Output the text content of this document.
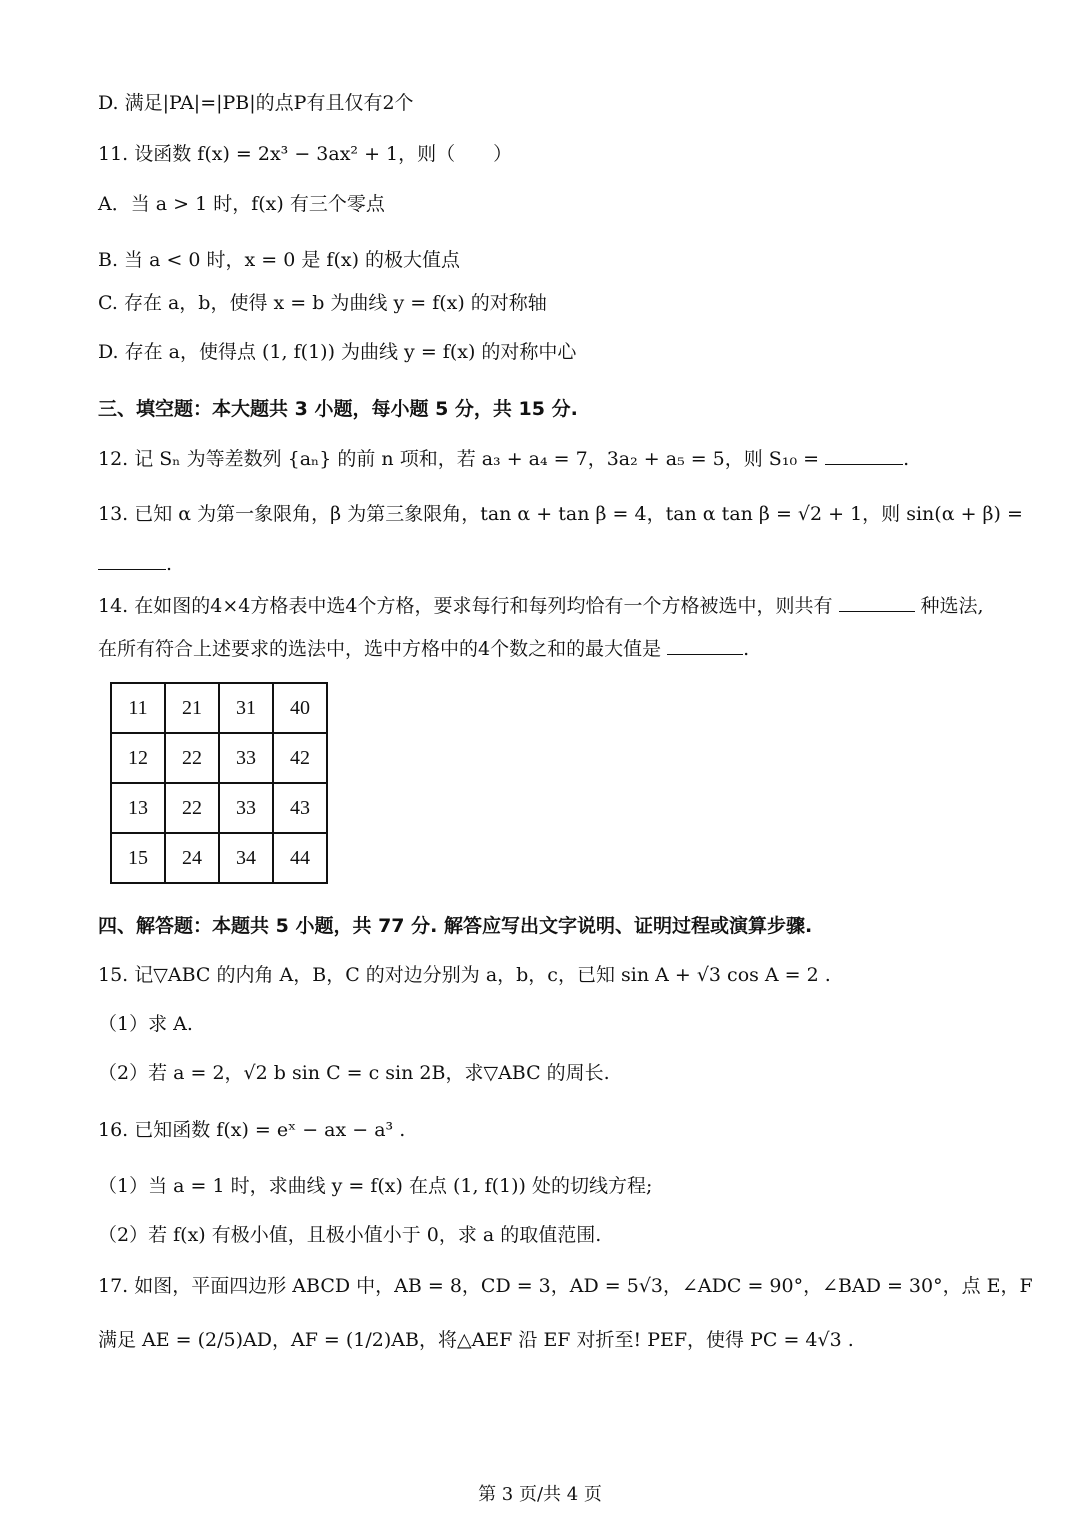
D. 满足|PA|=|PB|的点P有且仅有2个
11. 设函数 f(x) = 2x³ − 3ax² + 1，则（　　）
A．当 a > 1 时，f(x) 有三个零点
B. 当 a < 0 时，x = 0 是 f(x) 的极大值点
C. 存在 a，b，使得 x = b 为曲线 y = f(x) 的对称轴
D. 存在 a，使得点 (1, f(1)) 为曲线 y = f(x) 的对称中心
三、填空题：本大题共 3 小题，每小题 5 分，共 15 分.
12. 记 Sₙ 为等差数列 {aₙ} 的前 n 项和，若 a₃ + a₄ = 7，3a₂ + a₅ = 5，则 S₁₀ =	.
13. 已知 α 为第一象限角，β 为第三象限角，tan α + tan β = 4，tan α tan β = √2 + 1，则 sin(α + β) =
.
14. 在如图的4×4方格表中选4个方格，要求每行和每列均恰有一个方格被选中，则共有	种选法,
在所有符合上述要求的选法中，选中方格中的4个数之和的最大值是	.
11	21	31	40
12	22	33	42
13	22	33	43
15	24	34	44
四、解答题：本题共 5 小题，共 77 分. 解答应写出文字说明、证明过程或演算步骤.
15. 记▽ABC 的内角 A，B，C 的对边分别为 a，b，c，已知 sin A + √3 cos A = 2 .
（1）求 A.
（2）若 a = 2，√2 b sin C = c sin 2B，求▽ABC 的周长.
16. 已知函数 f(x) = eˣ − ax − a³ .
（1）当 a = 1 时，求曲线 y = f(x) 在点 (1, f(1)) 处的切线方程;
（2）若 f(x) 有极小值，且极小值小于 0，求 a 的取值范围.
17. 如图，平面四边形 ABCD 中，AB = 8，CD = 3，AD = 5√3，∠ADC = 90°，∠BAD = 30°，点 E，F
满足 AE = (2/5)AD，AF = (1/2)AB，将△AEF 沿 EF 对折至! PEF，使得 PC = 4√3 .
第 3 页/共 4 页
